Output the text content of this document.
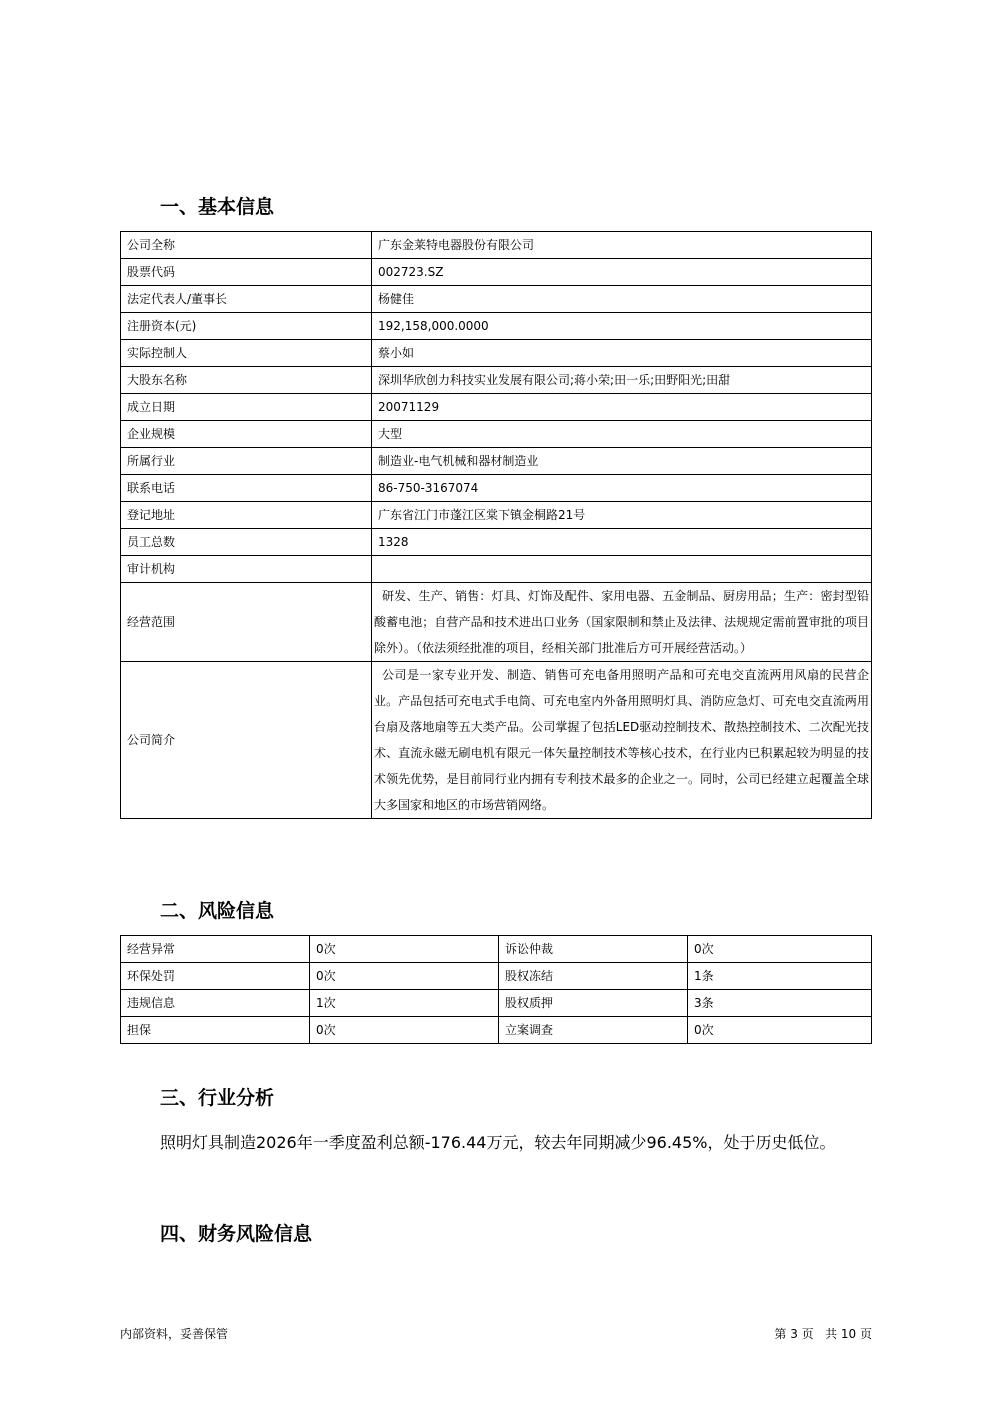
一、基本信息
公司全称	广东金莱特电器股份有限公司
股票代码	002723.SZ
法定代表人/董事长	杨健佳
注册资本(元)	192,158,000.0000
实际控制人	蔡小如
大股东名称	深圳华欣创力科技实业发展有限公司;蒋小荣;田一乐;田野阳光;田甜
成立日期	20071129
企业规模	大型
所属行业	制造业-电气机械和器材制造业
联系电话	86-750-3167074
登记地址	广东省江门市蓬江区棠下镇金桐路21号
员工总数	1328
审计机构	
经营范围	研发、生产、销售：灯具、灯饰及配件、家用电器、五金制品、厨房用品；生产：密封型铅酸蓄电池；自营产品和技术进出口业务（国家限制和禁止及法律、法规规定需前置审批的项目除外）。（依法须经批准的项目，经相关部门批准后方可开展经营活动。）

公司简介	公司是一家专业开发、制造、销售可充电备用照明产品和可充电交直流两用风扇的民营企业。产品包括可充电式手电筒、可充电室内外备用照明灯具、消防应急灯、可充电交直流两用台扇及落地扇等五大类产品。公司掌握了包括LED驱动控制技术、散热控制技术、二次配光技术、直流永磁无刷电机有限元一体矢量控制技术等核心技术，在行业内已积累起较为明显的技术领先优势，是目前同行业内拥有专利技术最多的企业之一。同时，公司已经建立起覆盖全球大多国家和地区的市场营销网络。
二、风险信息
经营异常	0次	诉讼仲裁	0次
环保处罚	0次	股权冻结	1条
违规信息	1次	股权质押	3条
担保	0次	立案调查	0次
三、行业分析

照明灯具制造2026年一季度盈利总额-176.44万元，较去年同期减少96.45%，处于历史低位。

四、财务风险信息

内部资料，妥善保管	第 3 页   共 10 页
